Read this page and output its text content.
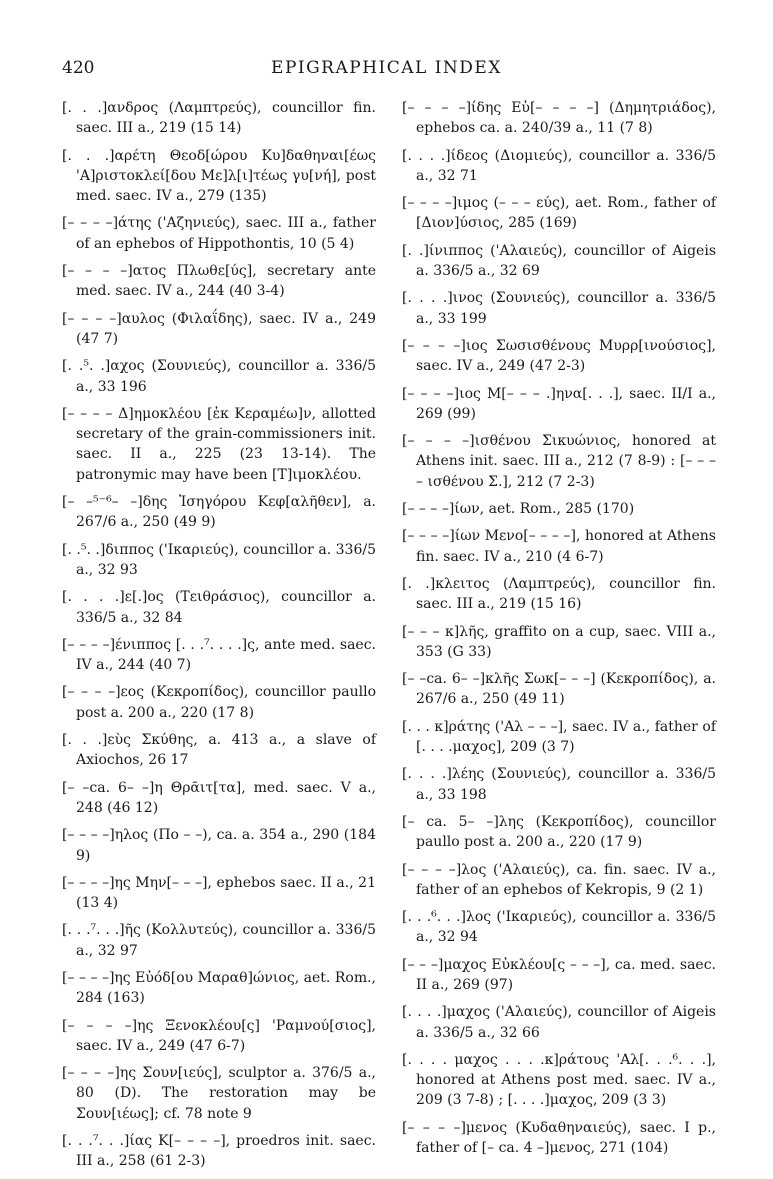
420	EPIGRAPHICAL INDEX

[. . .]ανδρος (Λαμπτρεύς), councillor fin. saec. III a., 219 (15 14)

[. . .]αρέτη Θεοδ[ώρου Κυ]δαθηναι[έως 'Α]ριστοκλεί[δου Με]λ[ι]τέως γυ[νή], post med. saec. IV a., 279 (135)

[– – – –]άτης ('Αζηνιεύς), saec. III a., father of an ephebos of Hippothontis, 10 (5 4)

[– – – –]ατος Πλωθε[ύς], secretary ante med. saec. IV a., 244 (40 3-4)

[– – – –]αυλος (Φιλαΐδης), saec. IV a., 249 (47 7)

[. .⁵. .]αχος (Σουνιεύς), councillor a. 336/5 a., 33 196

[– – – – Δ]ημοκλέου [ἐκ Κεραμέω]ν, allotted secretary of the grain-commissioners init. saec. II a., 225 (23 13-14). The patronymic may have been [Τ]ιμοκλέου.

[– –⁵⁻⁶– –]δης Ἰσηγόρου Κεφ[αλῆθεν], a. 267/6 a., 250 (49 9)

[. .⁵. .]διππος ('Ικαριεύς), councillor a. 336/5 a., 32 93

[. . . .]ε[.]ος (Τειθράσιος), councillor a. 336/5 a., 32 84

[– – – –]ένιππος [. . .⁷. . . .]ς, ante med. saec. IV a., 244 (40 7)

[– – – –]εος (Κεκροπίδος), councillor paullo post a. 200 a., 220 (17 8)

[. . .]εὺς Σκύθης, a. 413 a., a slave of Axiochos, 26 17

[– –ca. 6– –]η Θρᾶιτ[τα], med. saec. V a., 248 (46 12)

[– – – –]ηλος (Πο – –), ca. a. 354 a., 290 (184 9)

[– – – –]ης Μην[– – –], ephebos saec. II a., 21 (13 4)

[. . .⁷. . .]ῆς (Κολλυτεύς), councillor a. 336/5 a., 32 97

[– – – –]ης Εὐόδ[ου Μαραθ]ώνιος, aet. Rom., 284 (163)

[– – – –]ης Ξενοκλέου[ς] 'Ραμνού[σιος], saec. IV a., 249 (47 6-7)

[– – – –]ης Σουν[ιεύς], sculptor a. 376/5 a., 80 (D). The restoration may be Σουν[ιέως]; cf. 78 note 9

[. . .⁷. . .]ίας Κ[– – – –], proedros init. saec. III a., 258 (61 2-3)

[– – – –]ίδης Εὐ[– – – –] (Δημητριάδος), ephebos ca. a. 240/39 a., 11 (7 8)

[. . . .]ίδεος (Διομιεύς), councillor a. 336/5 a., 32 71

[– – – –]ιμος (– – – εύς), aet. Rom., father of [Διον]ύσιος, 285 (169)

[. .]ίνιππος ('Αλαιεύς), councillor of Aigeis a. 336/5 a., 32 69

[. . . .]ινος (Σουνιεύς), councillor a. 336/5 a., 33 199

[– – – –]ιος Σωσισθένους Μυρρ[ινούσιος], saec. IV a., 249 (47 2-3)

[– – – –]ιος Μ[– – – .]ηνα[. . .], saec. II/I a., 269 (99)

[– – – –]ισθένου Σικυώνιος, honored at Athens init. saec. III a., 212 (7 8-9) : [– – – – ισθένου Σ.], 212 (7 2-3)

[– – – –]ίων, aet. Rom., 285 (170)

[– – – –]ίων Μενο[– – – –], honored at Athens fin. saec. IV a., 210 (4 6-7)

[. .]κλειτος (Λαμπτρεύς), councillor fin. saec. III a., 219 (15 16)

[– – – κ]λῆς, graffito on a cup, saec. VIII a., 353 (G 33)

[– –ca. 6– –]κλῆς Σωκ[– – –] (Κεκροπίδος), a. 267/6 a., 250 (49 11)

[. . . κ]ράτης ('Αλ – – –], saec. IV a., father of [. . . .μαχος], 209 (3 7)

[. . . .]λέης (Σουνιεύς), councillor a. 336/5 a., 33 198

[– ca. 5– –]λης (Κεκροπίδος), councillor paullo post a. 200 a., 220 (17 9)

[– – – –]λος ('Αλαιεύς), ca. fin. saec. IV a., father of an ephebos of Kekropis, 9 (2 1)

[. . .⁶. . .]λος ('Ικαριεύς), councillor a. 336/5 a., 32 94

[– – –]μαχος Εὐκλέου[ς – – –], ca. med. saec. II a., 269 (97)

[. . . .]μαχος ('Αλαιεύς), councillor of Aigeis a. 336/5 a., 32 66

[. . . . μαχος . . . .κ]ράτους 'Αλ[. . .⁶. . .], honored at Athens post med. saec. IV a., 209 (3 7-8) ; [. . . .]μαχος, 209 (3 3)

[– – – –]μενος (Κυδαθηναιεύς), saec. I p., father of [– ca. 4 –]μενος, 271 (104)
